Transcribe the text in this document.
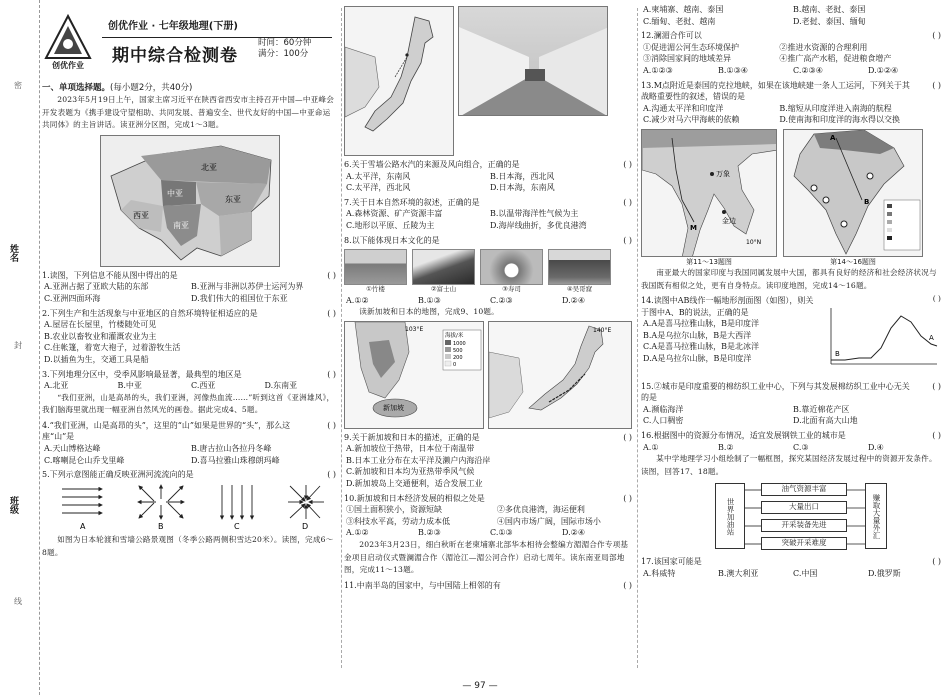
密
姓名
封
班级
线
创优作业
创优作业 · 七年级地理(下册)
期中综合检测卷
时间：60分钟
满分：100分
一、单项选择题。(每小题2分，共40分)
2023年5月19日上午，国家主席习近平在陕西省西安市主持召开中国—中亚峰会开发表题为《携手建设守望相助、共同发展、普遍安全、世代友好的中国—中亚命运共同体》的主旨讲话。读亚洲分区图，完成1～3题。
北亚
中亚
东亚
西亚
南亚
1.读图，下列信息不能从图中得出的是	( )
A.亚洲占据了亚欧大陆的东部	B.亚洲与非洲以苏伊士运河为界
C.亚洲四面环海	D.我们伟大的祖国位于东亚
2.下列生产和生活现象与中亚地区的自然环境特征相适应的是	( )
A.屋居在长屋里，竹楼随处可见
B.农业以畜牧业和灌溉农业为主
C.住帐篷，着宽大袍子，过着游牧生活
D.以插鱼为生，交通工具是船
3.下列地理分区中，受季风影响最显著，最典型的地区是	( )
A.北亚	B.中亚	C.西亚	D.东南亚
“我们亚洲，山是高昂的头，我们亚洲，河像热血流……”听到这首《亚洲雄风》，我们脑海里就出现一幅亚洲自然风光的画卷。据此完成4、5题。
4.“我们亚洲，山是高昂的头”，这里的“山”如果是世界的“头”，那么这座“山”是
( )
A.天山博格达峰	B.唐古拉山各拉丹冬峰
C.喀喇昆仑山乔戈里峰	D.喜马拉雅山珠穆朗玛峰
5.下列示意图能正确反映亚洲河流流向的是	( )
A	B	C	D
如图为日本轮渡和雪墙公路景观图（冬季公路两侧积雪达20米）。读图，完成6～8题。
6.关于雪墙公路水汽的来源及风向组合，正确的是	( )
A.太平洋，东南风	B.日本海，西北风
C.太平洋，西北风	D.日本海，东南风
7.关于日本自然环境的叙述，正确的是	( )
A.森林资源、矿产资源丰富	B.以温带海洋性气候为主
C.地形以平原、丘陵为主	D.海岸线曲折，多优良港湾
8.以下能体现日本文化的是	( )
①竹楼	②富士山	③寿司	④吴哥窟
A.①②	B.①③	C.②③	D.②④
读新加坡和日本的地图，完成9、10题。
新加坡
103°E
海拔/米
1000
500
200
0
140°E
9.关于新加坡和日本的描述，正确的是	( )
A.新加坡位于热带，日本位于南温带
B.日本工业分布在太平洋及濑户内海沿岸
C.新加坡和日本均为亚热带季风气候
D.新加坡岛上交通便利，适合发展工业
10.新加坡和日本经济发展的相似之处是	( )
①国土面积狭小，资源短缺	②多优良港湾，海运便利
③科技水平高，劳动力成本低	④国内市场广阔，国际市场小
A.①②	B.②③	C.①③	D.②④
2023年3月23日，细白秋昕在老柬埔寨北部华本相待会整编方湄湄合作专项基金项目启动仪式暨澜湄合作（湄沧江—湄公河合作）启动七周年。读东南亚局部地图，完成11～13题。
11.中南半岛的国家中，与中国陆上相邻的有	( )
A.柬埔寨、越南、泰国	B.越南、老挝、泰国
C.缅甸、老挝、越南	D.老挝、泰国、缅甸
12.澜湄合作可以	( )
①促进湄公河生态环境保护	②推进水资源的合理利用
③消除国家间的地域差异	④推广高产水稻，促进粮食增产
A.①②③	B.①③④	C.②③④	D.①②④
13.M点附近是泰国的克拉地峡，如果在该地峡建一条人工运河，下列关于其战略重要性的叙述，错误的是
( )
A.沟通太平洋和印度洋	B.缩短从印度洋进入南海的航程
C.减少对马六甲海峡的依赖	D.使南海和印度洋的海水得以交换
万象
金边
M
10°N
第11～13题图
A
B
第14～16题图
南亚最大的国家印度与我国同属发展中大国，都具有良好的经济和社会经济状况与我国既有相似之处，更有自身特点。读印度地图，完成14～16题。
14.读图中AB线作一幅地形剖面图（如图），则关于图中A、B的说法，正确的是
A.A是喜马拉雅山脉，B是印度洋
B.A是乌拉尔山脉，B是大西洋
C.A是喜马拉雅山脉，B是北冰洋
D.A是乌拉尔山脉，B是印度洋
( )
B
A
15.②城市是印度重要的棉纺织工业中心，下列与其发展棉纺织工业中心无关的是
( )
A.濒临海洋	B.靠近棉花产区
C.人口稠密	D.北面有高大山地
16.根据图中的资源分布情况，适宜发展钢铁工业的城市是	( )
A.①	B.②	C.③	D.④
某中学地理学习小组绘制了一幅框图，探究某国经济发展过程中的资源开发条件。读图，回答17、18题。
世界加油站
油气资源丰富
大量出口
开采装备先进
突破开采难度
赚取大量外汇
17.该国家可能是	( )
A.科威特	B.澳大利亚	C.中国	D.俄罗斯
— 97 —
